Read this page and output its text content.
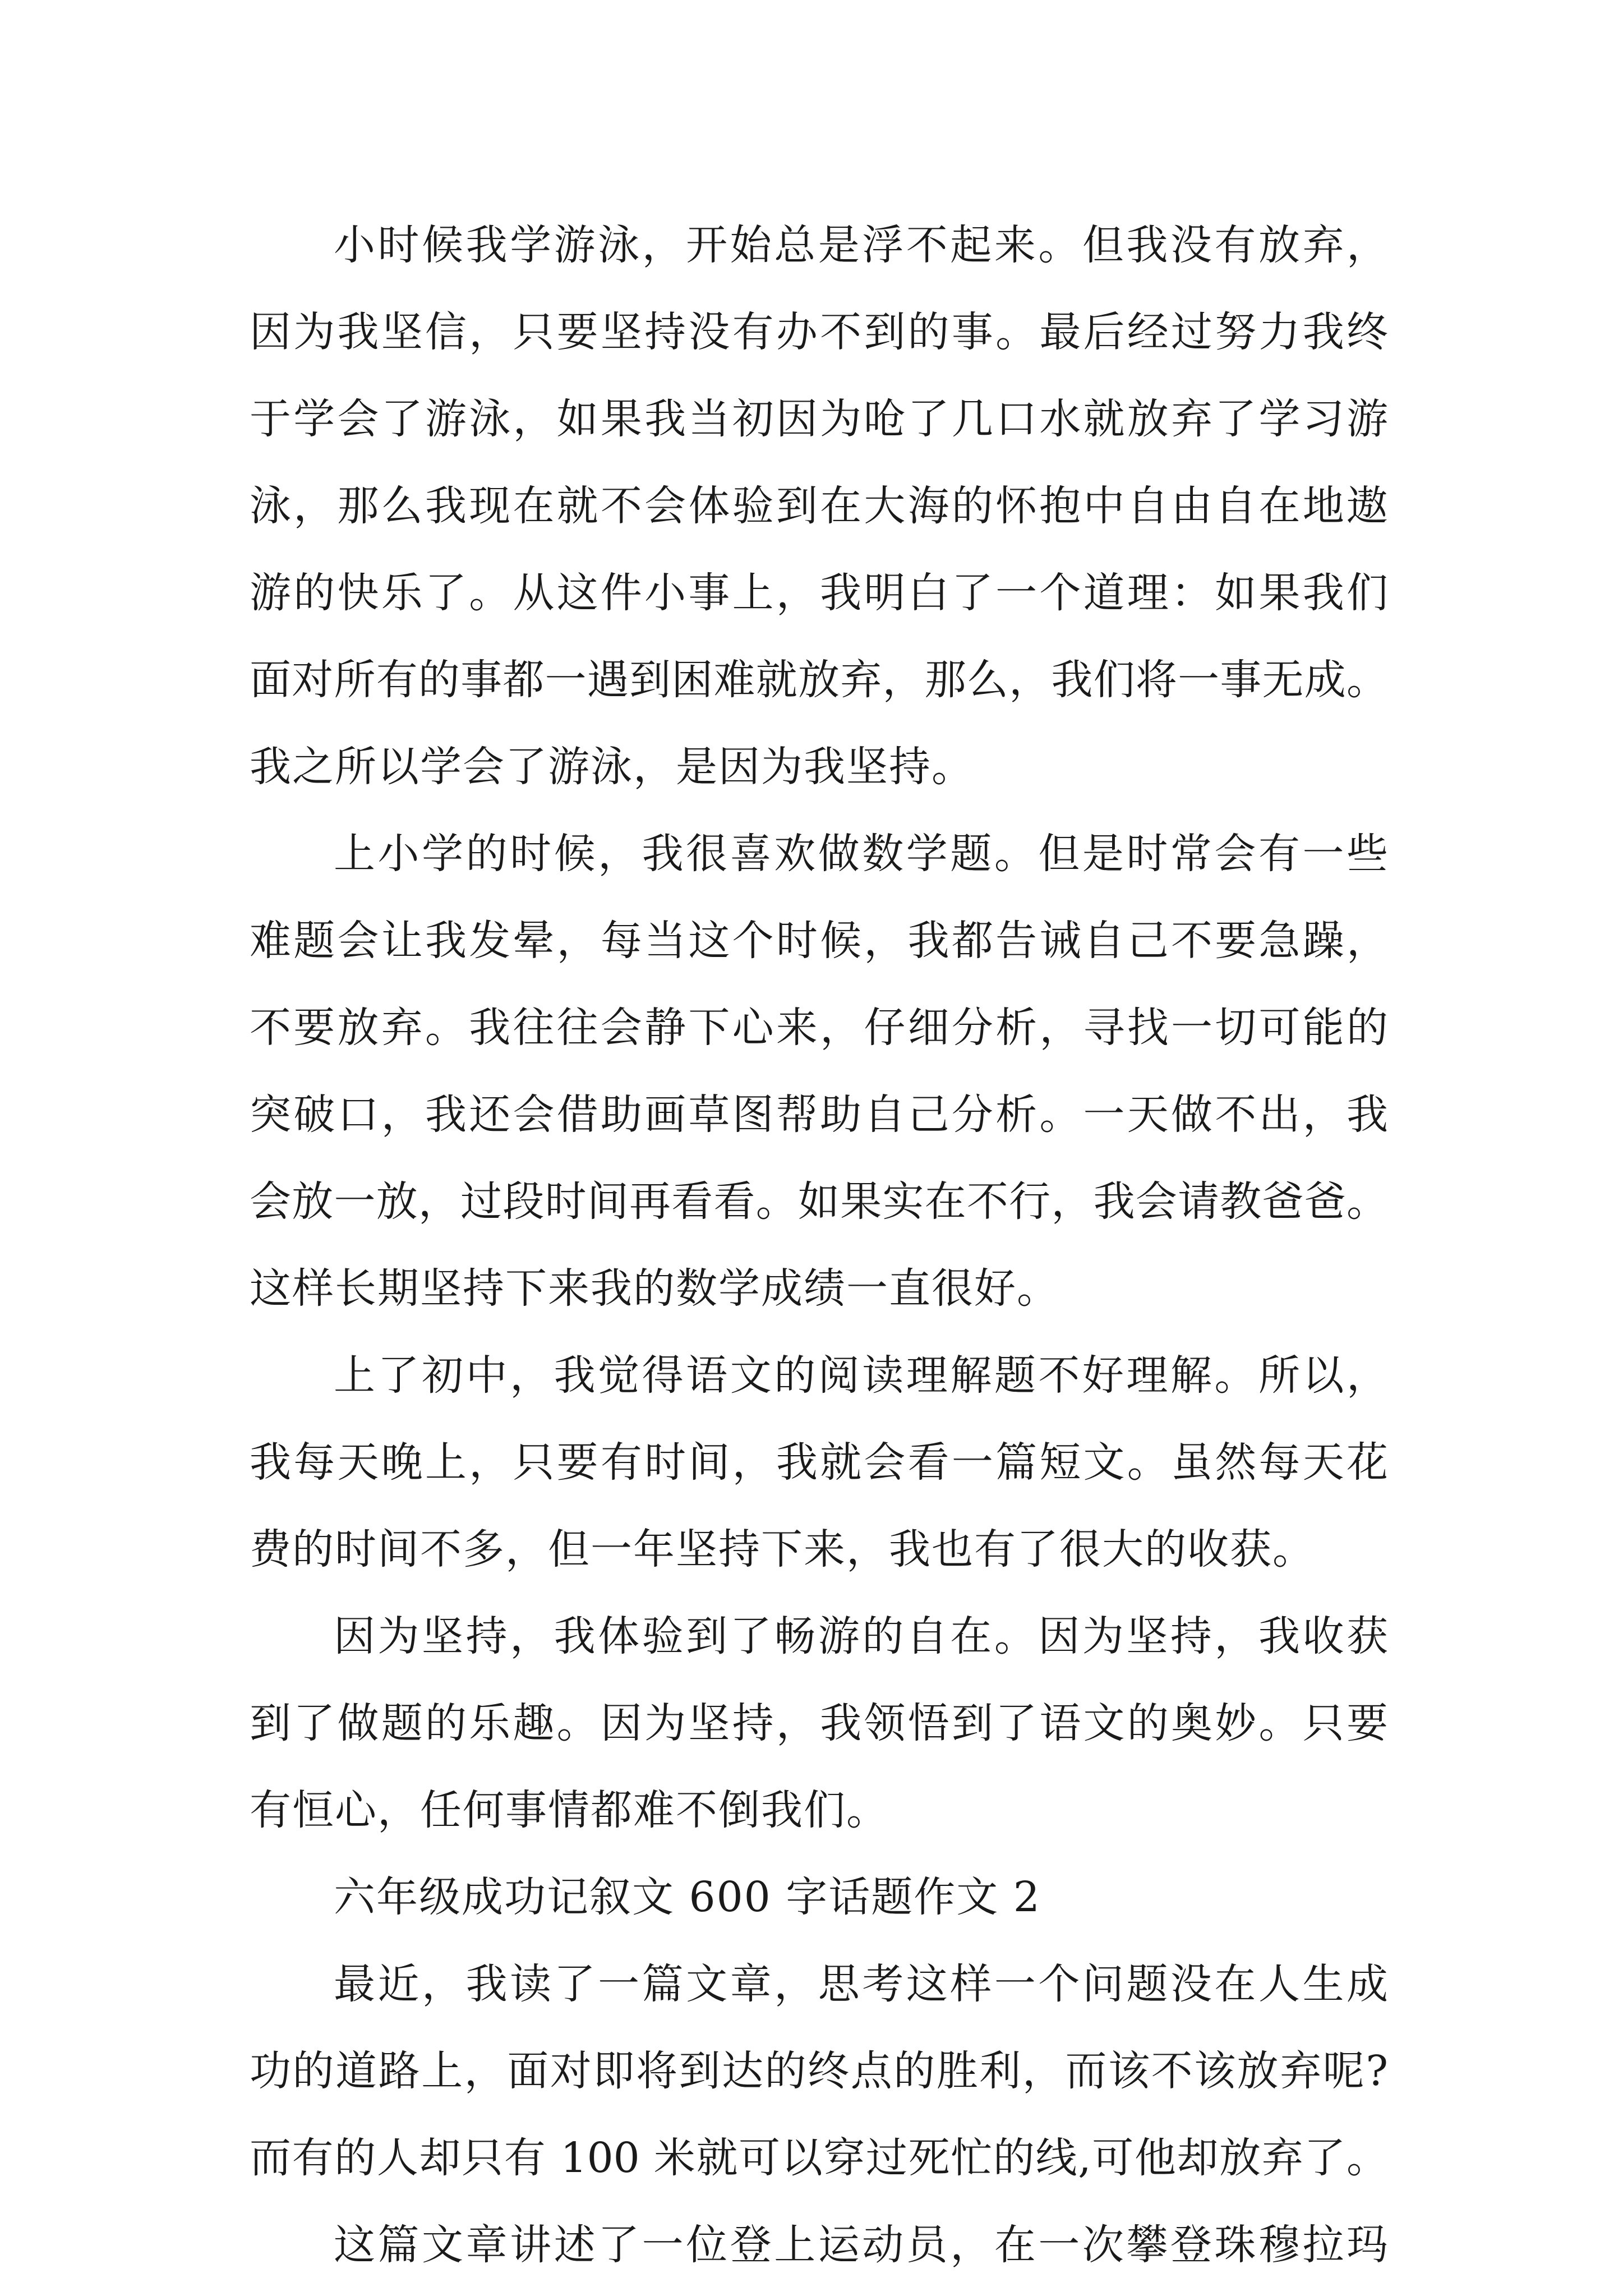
小时候我学游泳，开始总是浮不起来。但我没有放弃，
因为我坚信，只要坚持没有办不到的事。最后经过努力我终
于学会了游泳，如果我当初因为呛了几口水就放弃了学习游
泳，那么我现在就不会体验到在大海的怀抱中自由自在地遨
游的快乐了。从这件小事上，我明白了一个道理：如果我们
面对所有的事都一遇到困难就放弃，那么，我们将一事无成。
我之所以学会了游泳，是因为我坚持。
上小学的时候，我很喜欢做数学题。但是时常会有一些
难题会让我发晕，每当这个时候，我都告诫自己不要急躁，
不要放弃。我往往会静下心来，仔细分析，寻找一切可能的
突破口，我还会借助画草图帮助自己分析。一天做不出，我
会放一放，过段时间再看看。如果实在不行，我会请教爸爸。
这样长期坚持下来我的数学成绩一直很好。
上了初中，我觉得语文的阅读理解题不好理解。所以，
我每天晚上，只要有时间，我就会看一篇短文。虽然每天花
费的时间不多，但一年坚持下来，我也有了很大的收获。
因为坚持，我体验到了畅游的自在。因为坚持，我收获
到了做题的乐趣。因为坚持，我领悟到了语文的奥妙。只要
有恒心，任何事情都难不倒我们。
六年级成功记叙文 600 字话题作文 2
最近，我读了一篇文章，思考这样一个问题没在人生成
功的道路上，面对即将到达的终点的胜利，而该不该放弃呢?
而有的人却只有 100 米就可以穿过死忙的线,可他却放弃了。
这篇文章讲述了一位登上运动员，在一次攀登珠穆拉玛
